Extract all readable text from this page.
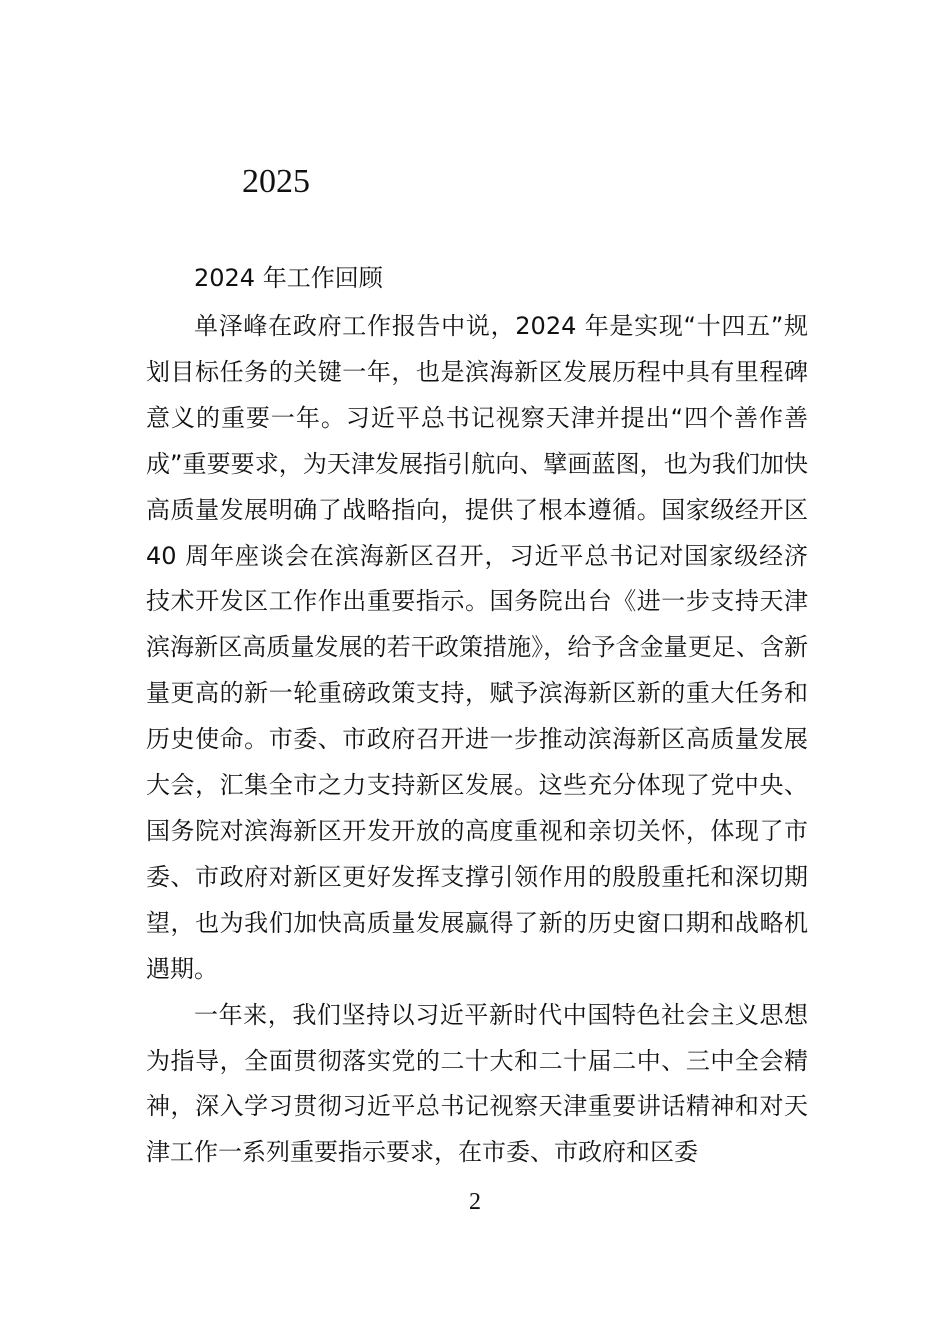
2025
2024 年工作回顾

单泽峰在政府工作报告中说，2024 年是实现“十四五”规划目标任务的关键一年，也是滨海新区发展历程中具有里程碑意义的重要一年。习近平总书记视察天津并提出“四个善作善成”重要要求，为天津发展指引航向、擘画蓝图，也为我们加快高质量发展明确了战略指向，提供了根本遵循。国家级经开区 40 周年座谈会在滨海新区召开，习近平总书记对国家级经济技术开发区工作作出重要指示。国务院出台《进一步支持天津滨海新区高质量发展的若干政策措施》，给予含金量更足、含新量更高的新一轮重磅政策支持，赋予滨海新区新的重大任务和历史使命。市委、市政府召开进一步推动滨海新区高质量发展大会，汇集全市之力支持新区发展。这些充分体现了党中央、国务院对滨海新区开发开放的高度重视和亲切关怀，体现了市委、市政府对新区更好发挥支撑引领作用的殷殷重托和深切期望，也为我们加快高质量发展赢得了新的历史窗口期和战略机遇期。

一年来，我们坚持以习近平新时代中国特色社会主义思想为指导，全面贯彻落实党的二十大和二十届二中、三中全会精神，深入学习贯彻习近平总书记视察天津重要讲话精神和对天津工作一系列重要指示要求，在市委、市政府和区委

2
